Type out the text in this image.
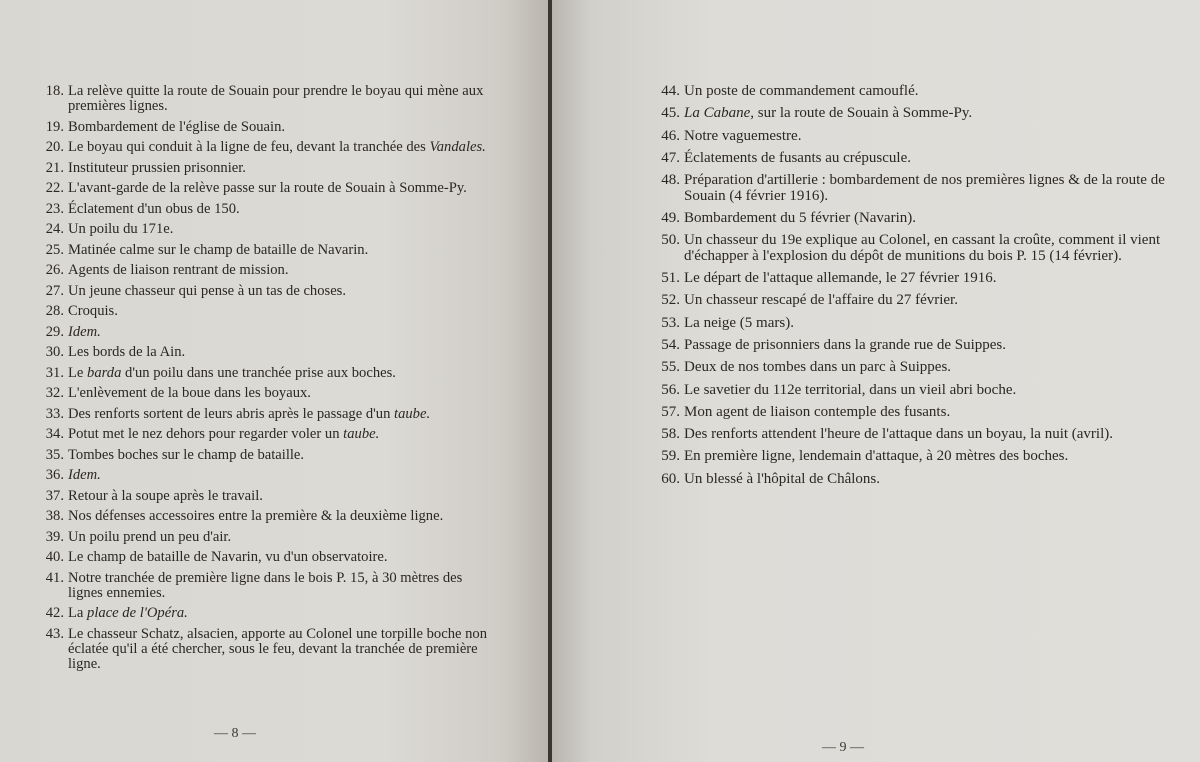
18. La relève quitte la route de Souain pour prendre le boyau qui mène aux premières lignes.
19. Bombardement de l'église de Souain.
20. Le boyau qui conduit à la ligne de feu, devant la tranchée des Vandales.
21. Instituteur prussien prisonnier.
22. L'avant-garde de la relève passe sur la route de Souain à Somme-Py.
23. Éclatement d'un obus de 150.
24. Un poilu du 171e.
25. Matinée calme sur le champ de bataille de Navarin.
26. Agents de liaison rentrant de mission.
27. Un jeune chasseur qui pense à un tas de choses.
28. Croquis.
29. Idem.
30. Les bords de la Ain.
31. Le barda d'un poilu dans une tranchée prise aux boches.
32. L'enlèvement de la boue dans les boyaux.
33. Des renforts sortent de leurs abris après le passage d'un taube.
34. Potut met le nez dehors pour regarder voler un taube.
35. Tombes boches sur le champ de bataille.
36. Idem.
37. Retour à la soupe après le travail.
38. Nos défenses accessoires entre la première & la deuxième ligne.
39. Un poilu prend un peu d'air.
40. Le champ de bataille de Navarin, vu d'un observatoire.
41. Notre tranchée de première ligne dans le bois P. 15, à 30 mètres des lignes ennemies.
42. La place de l'Opéra.
43. Le chasseur Schatz, alsacien, apporte au Colonel une torpille boche non éclatée qu'il a été chercher, sous le feu, devant la tranchée de première ligne.
— 8 —
44. Un poste de commandement camouflé.
45. La Cabane, sur la route de Souain à Somme-Py.
46. Notre vaguemestre.
47. Éclatements de fusants au crépuscule.
48. Préparation d'artillerie : bombardement de nos premières lignes & de la route de Souain (4 février 1916).
49. Bombardement du 5 février (Navarin).
50. Un chasseur du 19e explique au Colonel, en cassant la croûte, comment il vient d'échapper à l'explosion du dépôt de munitions du bois P. 15 (14 février).
51. Le départ de l'attaque allemande, le 27 février 1916.
52. Un chasseur rescapé de l'affaire du 27 février.
53. La neige (5 mars).
54. Passage de prisonniers dans la grande rue de Suippes.
55. Deux de nos tombes dans un parc à Suippes.
56. Le savetier du 112e territorial, dans un vieil abri boche.
57. Mon agent de liaison contemple des fusants.
58. Des renforts attendent l'heure de l'attaque dans un boyau, la nuit (avril).
59. En première ligne, lendemain d'attaque, à 20 mètres des boches.
60. Un blessé à l'hôpital de Châlons.
— 9 —
